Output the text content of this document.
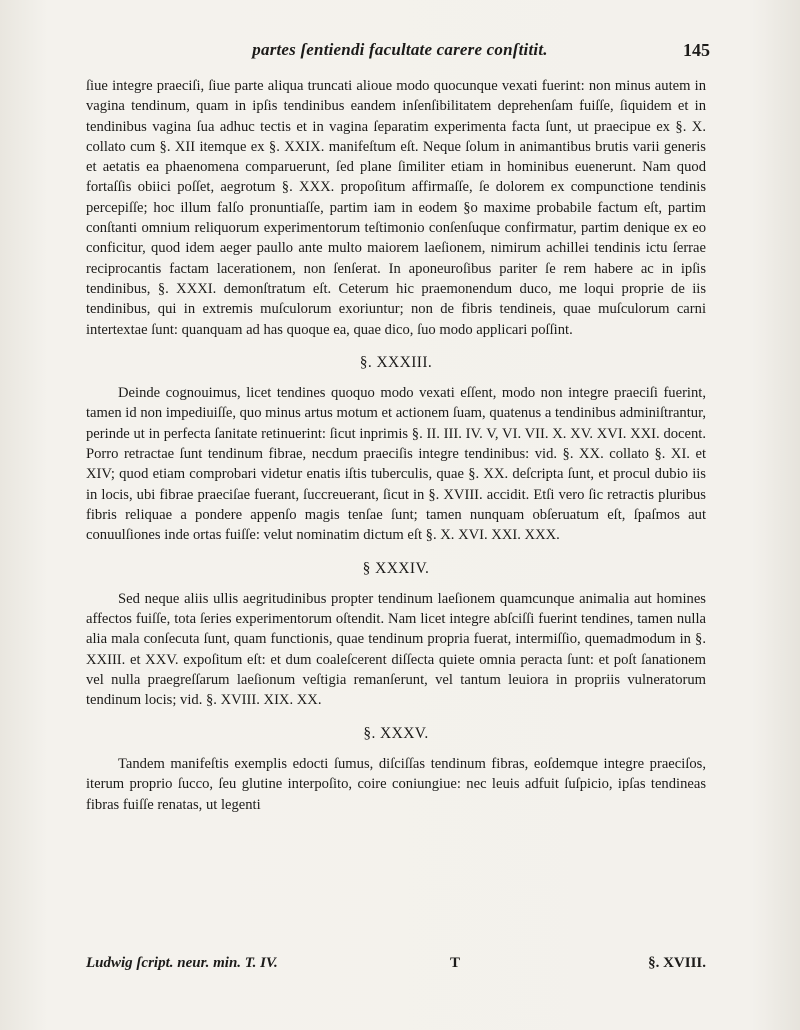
partes ſentiendi facultate carere conſtitit.	145

ſiue integre praeciſi, ſiue parte aliqua truncati alioue modo quocunque vexati fuerint: non minus autem in vagina tendinum, quam in ipſis tendinibus eandem inſenſibilitatem deprehenſam fuiſſe, ſiquidem et in tendinibus vagina ſua adhuc tectis et in vagina ſeparatim experimenta facta ſunt, ut praecipue ex §. X. collato cum §. XII itemque ex §. XXIX. manifeſtum eſt. Neque ſolum in animantibus brutis varii generis et aetatis ea phaenomena comparuerunt, ſed plane ſimiliter etiam in hominibus euenerunt. Nam quod fortaſſis obiici poſſet, aegrotum §. XXX. propoſitum affirmaſſe, ſe dolorem ex compunctione tendinis percepiſſe; hoc illum falſo pronuntiaſſe, partim iam in eodem §o maxime probabile factum eſt, partim conſtanti omnium reliquorum experimentorum teſtimonio conſenſuque confirmatur, partim denique ex eo conficitur, quod idem aeger paullo ante multo maiorem laeſionem, nimirum achillei tendinis ictu ſerrae reciprocantis factam lacerationem, non ſenſerat. In aponeuroſibus pariter ſe rem habere ac in ipſis tendinibus, §. XXXI. demonſtratum eſt. Ceterum hic praemonendum duco, me loqui proprie de iis tendinibus, qui in extremis muſculorum exoriuntur; non de fibris tendineis, quae muſculorum carni intertextae ſunt: quanquam ad has quoque ea, quae dico, ſuo modo applicari poſſint.

§. XXXIII.

Deinde cognouimus, licet tendines quoquo modo vexati eſſent, modo non integre praeciſi fuerint, tamen id non impediuiſſe, quo minus artus motum et actionem ſuam, quatenus a tendinibus adminiſtrantur, perinde ut in perfecta ſanitate retinuerint: ſicut inprimis §. II. III. IV. V, VI. VII. X. XV. XVI. XXI. docent. Porro retractae ſunt tendinum fibrae, necdum praeciſis integre tendinibus: vid. §. XX. collato §. XI. et XIV; quod etiam comprobari videtur enatis iſtis tuberculis, quae §. XX. deſcripta ſunt, et procul dubio iis in locis, ubi fibrae praeciſae fuerant, ſuccreuerant, ſicut in §. XVIII. accidit. Etſi vero ſic retractis pluribus fibris reliquae a pondere appenſo magis tenſae ſunt; tamen nunquam obſeruatum eſt, ſpaſmos aut conuulſiones inde ortas fuiſſe: velut nominatim dictum eſt §. X. XVI. XXI. XXX.

§ XXXIV.

Sed neque aliis ullis aegritudinibus propter tendinum laeſionem quamcunque animalia aut homines affectos fuiſſe, tota ſeries experimentorum oſtendit. Nam licet integre abſciſſi fuerint tendines, tamen nulla alia mala conſecuta ſunt, quam functionis, quae tendinum propria fuerat, intermiſſio, quemadmodum in §. XXIII. et XXV. expoſitum eſt: et dum coaleſcerent diſſecta quiete omnia peracta ſunt: et poſt ſanationem vel nulla praegreſſarum laeſionum veſtigia remanſerunt, vel tantum leuiora in propriis vulneratorum tendinum locis; vid. §. XVIII. XIX. XX.

§. XXXV.

Tandem manifeſtis exemplis edocti ſumus, diſciſſas tendinum fibras, eoſdemque integre praeciſos, iterum proprio ſucco, ſeu glutine interpoſito, coire coniungiue: nec leuis adfuit ſuſpicio, ipſas tendineas fibras fuiſſe renatas, ut legenti

Ludwig ſcript. neur. min. T. IV.	T	§. XVIII.
